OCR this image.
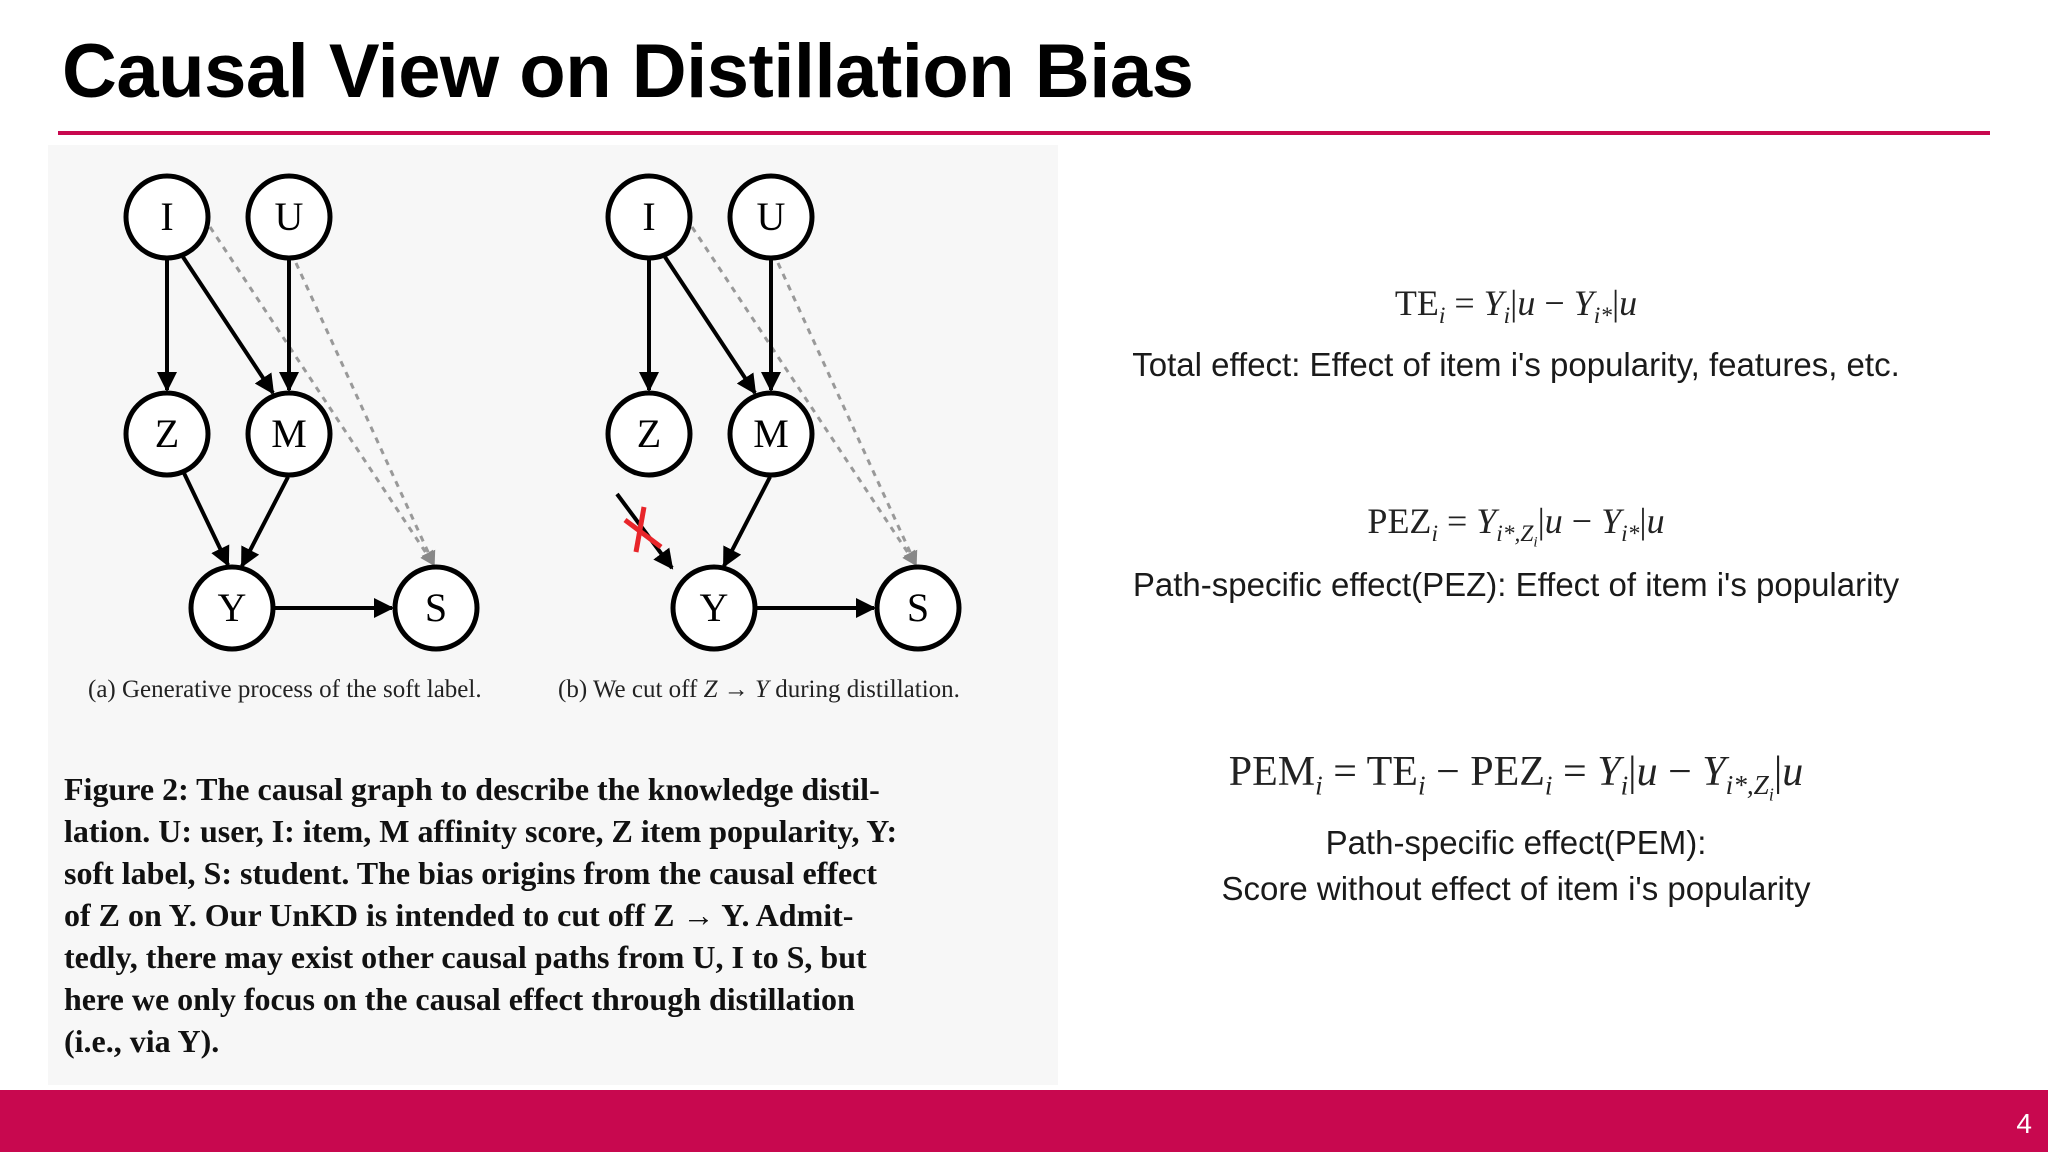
Causal View on Distillation Bias
I	U
Z M
Y	S
I	U
Z M
Y	S
(a) Generative process of the soft label.	(b) We cut off Z → Y during distillation.
Figure 2: The causal graph to describe the knowledge distil-
lation. U: user, I: item, M affinity score, Z item popularity, Y:
soft label, S: student. The bias origins from the causal effect
of Z on Y. Our UnKD is intended to cut off Z → Y. Admit-
tedly, there may exist other causal paths from U, I to S, but
here we only focus on the causal effect through distillation
(i.e., via Y).
$TE_i = Y_i|u - Y_{i*}|u$
Total effect: Effect of item i's popularity, features, etc.
$PEZ_i = Y_{i*,Z_i}|u - Y_{i*}|u$
Path-specific effect(PEZ): Effect of item i's popularity
$PEM_i = TE_i - PEZ_i = Y_i|u - Y_{i*,Z_i}|u$
Path-specific effect(PEM):
Score without effect of item i's popularity
4
